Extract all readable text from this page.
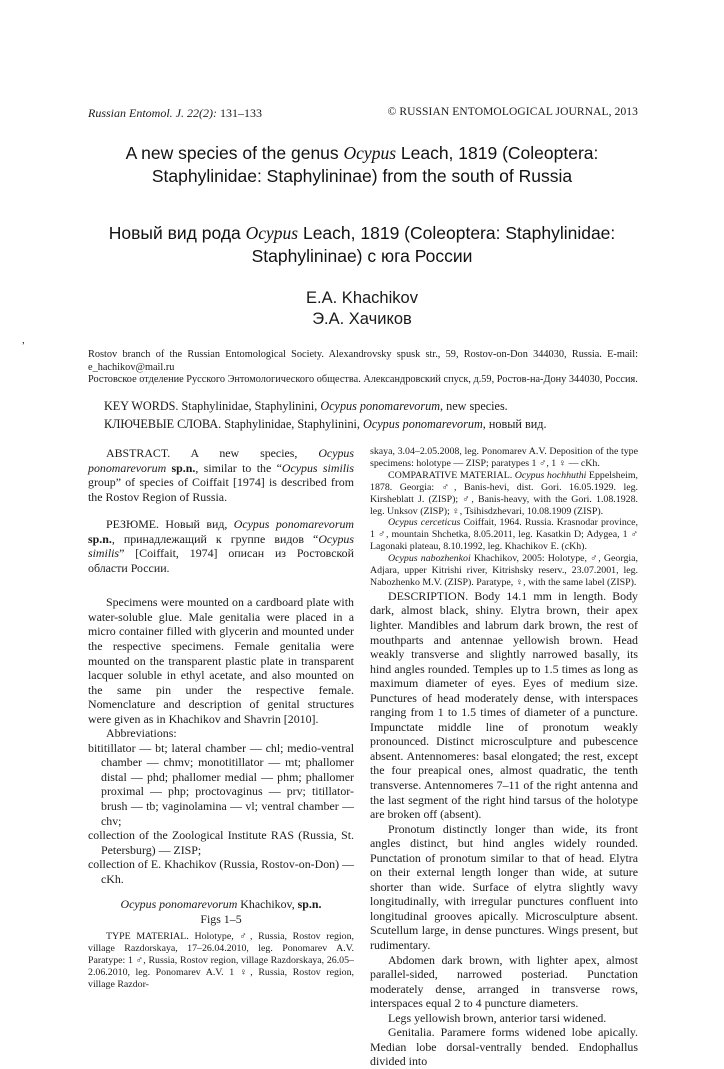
Russian Entomol. J. 22(2): 131–133	© RUSSIAN ENTOMOLOGICAL JOURNAL, 2013
A new species of the genus Ocypus Leach, 1819 (Coleoptera:
Staphylinidae: Staphylininae) from the south of Russia
Новый вид рода Ocypus Leach, 1819 (Coleoptera: Staphylinidae:
Staphylininae) с юга России
E.A. Khachikov
Э.А. Хачиков
,
Rostov branch of the Russian Entomological Society. Alexandrovsky spusk str., 59, Rostov-on-Don 344030, Russia. E-mail: e_hachikov@mail.ru
Ростовское отделение Русского Энтомологического общества. Александровский спуск, д.59, Ростов-на-Дону 344030, Россия.
KEY WORDS. Staphylinidae, Staphylinini, Ocypus ponomarevorum, new species.
КЛЮЧЕВЫЕ СЛОВА. Staphylinidae, Staphylinini, Ocypus ponomarevorum, новый вид.

ABSTRACT. A new species, Ocypus ponomarevorum sp.n., similar to the “Ocypus similis group” of species of Coiffait [1974] is described from the Rostov Region of Russia.

РЕЗЮМЕ. Новый вид, Ocypus ponomarevorum sp.n., принадлежащий к группе видов “Ocypus similis” [Coiffait, 1974] описан из Ростовской области России.

Specimens were mounted on a cardboard plate with water-soluble glue. Male genitalia were placed in a micro container filled with glycerin and mounted under the respective specimens. Female genitalia were mounted on the transparent plastic plate in transparent lacquer soluble in ethyl acetate, and also mounted on the same pin under the respective female. Nomenclature and description of genital structures were given as in Khachikov and Shavrin [2010].

Abbreviations:

bititillator — bt; lateral chamber — chl; medio-ventral chamber — chmv; monotitillator — mt; phallomer distal — phd; phallomer medial — phm; phallomer proximal — php; proctovaginus — prv; titillator-brush — tb; vaginolamina — vl; ventral chamber — chv;

collection of the Zoological Institute RAS (Russia, St. Petersburg) — ZISP;

collection of E. Khachikov (Russia, Rostov-on-Don) — cKh.

Ocypus ponomarevorum Khachikov, sp.n.

Figs 1–5

TYPE MATERIAL. Holotype, ♂, Russia, Rostov region, village Razdorskaya, 17–26.04.2010, leg. Ponomarev A.V. Paratype: 1 ♂, Russia, Rostov region, village Razdorskaya, 26.05–2.06.2010, leg. Ponomarev A.V. 1 ♀, Russia, Rostov region, village Razdor-

skaya, 3.04–2.05.2008, leg. Ponomarev A.V. Deposition of the type specimens: holotype — ZISP; paratypes 1 ♂, 1 ♀ — cKh.

COMPARATIVE MATERIAL. Ocypus hochhuthi Eppelsheim, 1878. Georgia: ♂, Banis-hevi, dist. Gori. 16.05.1929. leg. Kirsheblatt J. (ZISP); ♂, Banis-heavy, with the Gori. 1.08.1928. leg. Unksov (ZISP); ♀, Tsihisdzhevari, 10.08.1909 (ZISP).

Ocypus cerceticus Coiffait, 1964. Russia. Krasnodar province, 1 ♂, mountain Shchetka, 8.05.2011, leg. Kasatkin D; Adygea, 1 ♂ Lagonaki plateau, 8.10.1992, leg. Khachikov E. (cKh).

Ocypus nabozhenkoi Khachikov, 2005: Holotype, ♂, Georgia, Adjara, upper Kitrishi river, Kitrishsky reserv., 23.07.2001, leg. Nabozhenko M.V. (ZISP). Paratype, ♀, with the same label (ZISP).

DESCRIPTION. Body 14.1 mm in length. Body dark, almost black, shiny. Elytra brown, their apex lighter. Mandibles and labrum dark brown, the rest of mouthparts and antennae yellowish brown. Head weakly transverse and slightly narrowed basally, its hind angles rounded. Temples up to 1.5 times as long as maximum diameter of eyes. Eyes of medium size. Punctures of head moderately dense, with interspaces ranging from 1 to 1.5 times of diameter of a puncture. Impunctate middle line of pronotum weakly pronounced. Distinct microsculpture and pubescence absent. Antennomeres: basal elongated; the rest, except the four preapical ones, almost quadratic, the tenth transverse. Antennomeres 7–11 of the right antenna and the last segment of the right hind tarsus of the holotype are broken off (absent).

Pronotum distinctly longer than wide, its front angles distinct, but hind angles widely rounded. Punctation of pronotum similar to that of head. Elytra on their external length longer than wide, at suture shorter than wide. Surface of elytra slightly wavy longitudinally, with irregular punctures confluent into longitudinal grooves apically. Microsculpture absent. Scutellum large, in dense punctures. Wings present, but rudimentary.

Abdomen dark brown, with lighter apex, almost parallel-sided, narrowed posteriad. Punctation moderately dense, arranged in transverse rows, interspaces equal 2 to 4 puncture diameters.

Legs yellowish brown, anterior tarsi widened.

Genitalia. Paramere forms widened lobe apically. Median lobe dorsal-ventrally bended. Endophallus divided into
